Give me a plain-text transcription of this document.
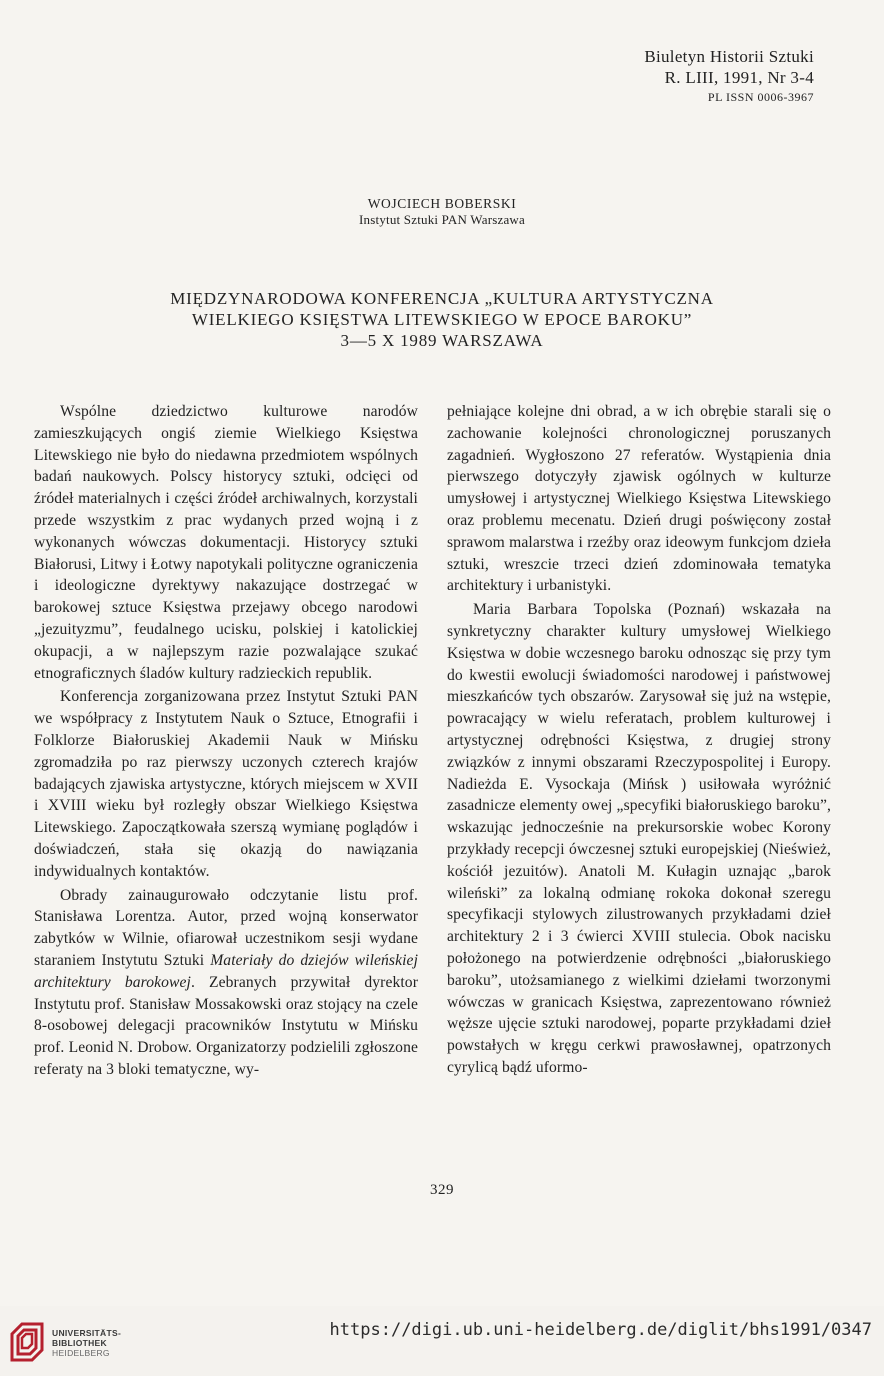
Biuletyn Historii Sztuki
R. LIII, 1991, Nr 3-4
PL ISSN 0006-3967
WOJCIECH BOBERSKI
Instytut Sztuki PAN Warszawa
MIĘDZYNARODOWA KONFERENCJA „KULTURA ARTYSTYCZNA
WIELKIEGO KSIĘSTWA LITEWSKIEGO W EPOCE BAROKU”
3—5 X 1989 WARSZAWA

Wspólne dziedzictwo kulturowe narodów zamieszkujących ongiś ziemie Wielkiego Księstwa Litewskiego nie było do niedawna przedmiotem wspólnych badań naukowych. Polscy historycy sztuki, odcięci od źródeł materialnych i części źródeł archiwalnych, korzystali przede wszystkim z prac wydanych przed wojną i z wykonanych wówczas dokumentacji. Historycy sztuki Białorusi, Litwy i Łotwy napotykali polityczne ograniczenia i ideologiczne dyrektywy nakazujące dostrzegać w barokowej sztuce Księstwa przejawy obcego narodowi „jezuityzmu”, feudalnego ucisku, polskiej i katolickiej okupacji, a w najlepszym razie pozwalające szukać etnograficznych śladów kultury radzieckich republik.

Konferencja zorganizowana przez Instytut Sztuki PAN we współpracy z Instytutem Nauk o Sztuce, Etnografii i Folklorze Białoruskiej Akademii Nauk w Mińsku zgromadziła po raz pierwszy uczonych czterech krajów badających zjawiska artystyczne, których miejscem w XVII i XVIII wieku był rozległy obszar Wielkiego Księstwa Litewskiego. Zapoczątkowała szerszą wymianę poglądów i doświadczeń, stała się okazją do nawiązania indywidualnych kontaktów.

Obrady zainaugurowało odczytanie listu prof. Stanisława Lorentza. Autor, przed wojną konserwator zabytków w Wilnie, ofiarował uczestnikom sesji wydane staraniem Instytutu Sztuki Materiały do dziejów wileńskiej architektury barokowej. Zebranych przywitał dyrektor Instytutu prof. Stanisław Mossakowski oraz stojący na czele 8-osobowej delegacji pracowników Instytutu w Mińsku prof. Leonid N. Drobow. Organizatorzy podzielili zgłoszone referaty na 3 bloki tematyczne, wy-

pełniające kolejne dni obrad, a w ich obrębie starali się o zachowanie kolejności chronologicznej poruszanych zagadnień. Wygłoszono 27 referatów. Wystąpienia dnia pierwszego dotyczyły zjawisk ogólnych w kulturze umysłowej i artystycznej Wielkiego Księstwa Litewskiego oraz problemu mecenatu. Dzień drugi poświęcony został sprawom malarstwa i rzeźby oraz ideowym funkcjom dzieła sztuki, wreszcie trzeci dzień zdominowała tematyka architektury i urbanistyki.

Maria Barbara Topolska (Poznań) wskazała na synkretyczny charakter kultury umysłowej Wielkiego Księstwa w dobie wczesnego baroku odnosząc się przy tym do kwestii ewolucji świadomości narodowej i państwowej mieszkańców tych obszarów. Zarysował się już na wstępie, powracający w wielu referatach, problem kulturowej i artystycznej odrębności Księstwa, z drugiej strony związków z innymi obszarami Rzeczypospolitej i Europy. Nadieżda E. Vysockaja (Mińsk ) usiłowała wyróżnić zasadnicze elementy owej „specyfiki białoruskiego baroku”, wskazując jednocześnie na prekursorskie wobec Korony przykłady recepcji ówczesnej sztuki europejskiej (Nieśwież, kościół jezuitów). Anatoli M. Kułagin uznając „barok wileński” za lokalną odmianę rokoka dokonał szeregu specyfikacji stylowych zilustrowanych przykładami dzieł architektury 2 i 3 ćwierci XVIII stulecia. Obok nacisku położonego na potwierdzenie odrębności „białoruskiego baroku”, utożsamianego z wielkimi dziełami tworzonymi wówczas w granicach Księstwa, zaprezentowano również węższe ujęcie sztuki narodowej, poparte przykładami dzieł powstałych w kręgu cerkwi prawosławnej, opatrzonych cyrylicą bądź uformo-

329
UNIVERSITÄTS-
BIBLIOTHEK
HEIDELBERG
https://digi.ub.uni-heidelberg.de/diglit/bhs1991/0347
